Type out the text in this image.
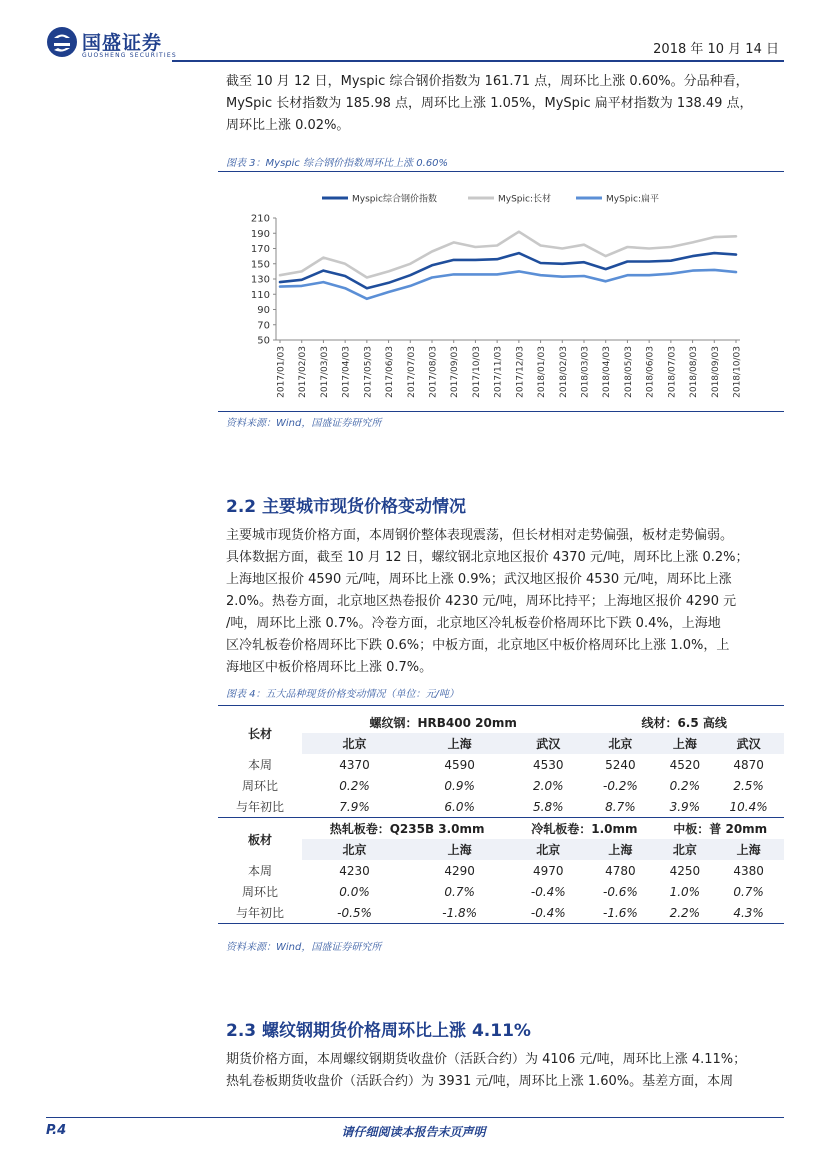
国盛证券
GUOSHENG SECURITIES	2018 年 10 月 14 日
截至 10 月 12 日，Myspic 综合钢价指数为 161.71 点，周环比上涨 0.60%。分品种看，
MySpic 长材指数为 185.98 点，周环比上涨 1.05%，MySpic 扁平材指数为 138.49 点，
周环比上涨 0.02%。
图表 3：Myspic 综合钢价指数周环比上涨 0.60%
Myspic综合钢价指数	MySpic:长材	MySpic:扁平
50
70
90
110
130
150
170
190
210
2017/01/03 2017/02/03 2017/03/03 2017/04/03 2017/05/03 2017/06/03 2017/07/03 2017/08/03 2017/09/03 2017/10/03 2017/11/03 2017/12/03 2018/01/03 2018/02/03 2018/03/03 2018/04/03 2018/05/03 2018/06/03 2018/07/03 2018/08/03 2018/09/03 2018/10/03
资料来源：Wind，国盛证券研究所
2.2 主要城市现货价格变动情况
主要城市现货价格方面，本周钢价整体表现震荡，但长材相对走势偏强，板材走势偏弱。
具体数据方面，截至 10 月 12 日，螺纹钢北京地区报价 4370 元/吨，周环比上涨 0.2%；
上海地区报价 4590 元/吨，周环比上涨 0.9%；武汉地区报价 4530 元/吨，周环比上涨
2.0%。热卷方面，北京地区热卷报价 4230 元/吨，周环比持平；上海地区报价 4290 元
/吨，周环比上涨 0.7%。冷卷方面，北京地区冷轧板卷价格周环比下跌 0.4%，上海地
区冷轧板卷价格周环比下跌 0.6%；中板方面，北京地区中板价格周环比上涨 1.0%，上
海地区中板价格周环比上涨 0.7%。
图表 4：五大品种现货价格变动情况（单位：元/吨）
长材	螺纹钢：HRB400 20mm			线材：6.5 高线		
	北京	上海	武汉	北京	上海	武汉
本周	4370	4590	4530	5240	4520	4870
周环比	0.2%	0.9%	2.0%	-0.2%	0.2%	2.5%
与年初比	7.9%	6.0%	5.8%	8.7%	3.9%	10.4%
板材	热轧板卷：Q235B 3.0mm		冷轧板卷：1.0mm		中板：普 20mm	
	北京	上海	北京	上海	北京	上海
本周	4230	4290	4970	4780	4250	4380
周环比	0.0%	0.7%	-0.4%	-0.6%	1.0%	0.7%
与年初比	-0.5%	-1.8%	-0.4%	-1.6%	2.2%	4.3%
资料来源：Wind，国盛证券研究所
2.3 螺纹钢期货价格周环比上涨 4.11%
期货价格方面，本周螺纹钢期货收盘价（活跃合约）为 4106 元/吨，周环比上涨 4.11%；
热轧卷板期货收盘价（活跃合约）为 3931 元/吨，周环比上涨 1.60%。基差方面，本周
P.4	请仔细阅读本报告末页声明
